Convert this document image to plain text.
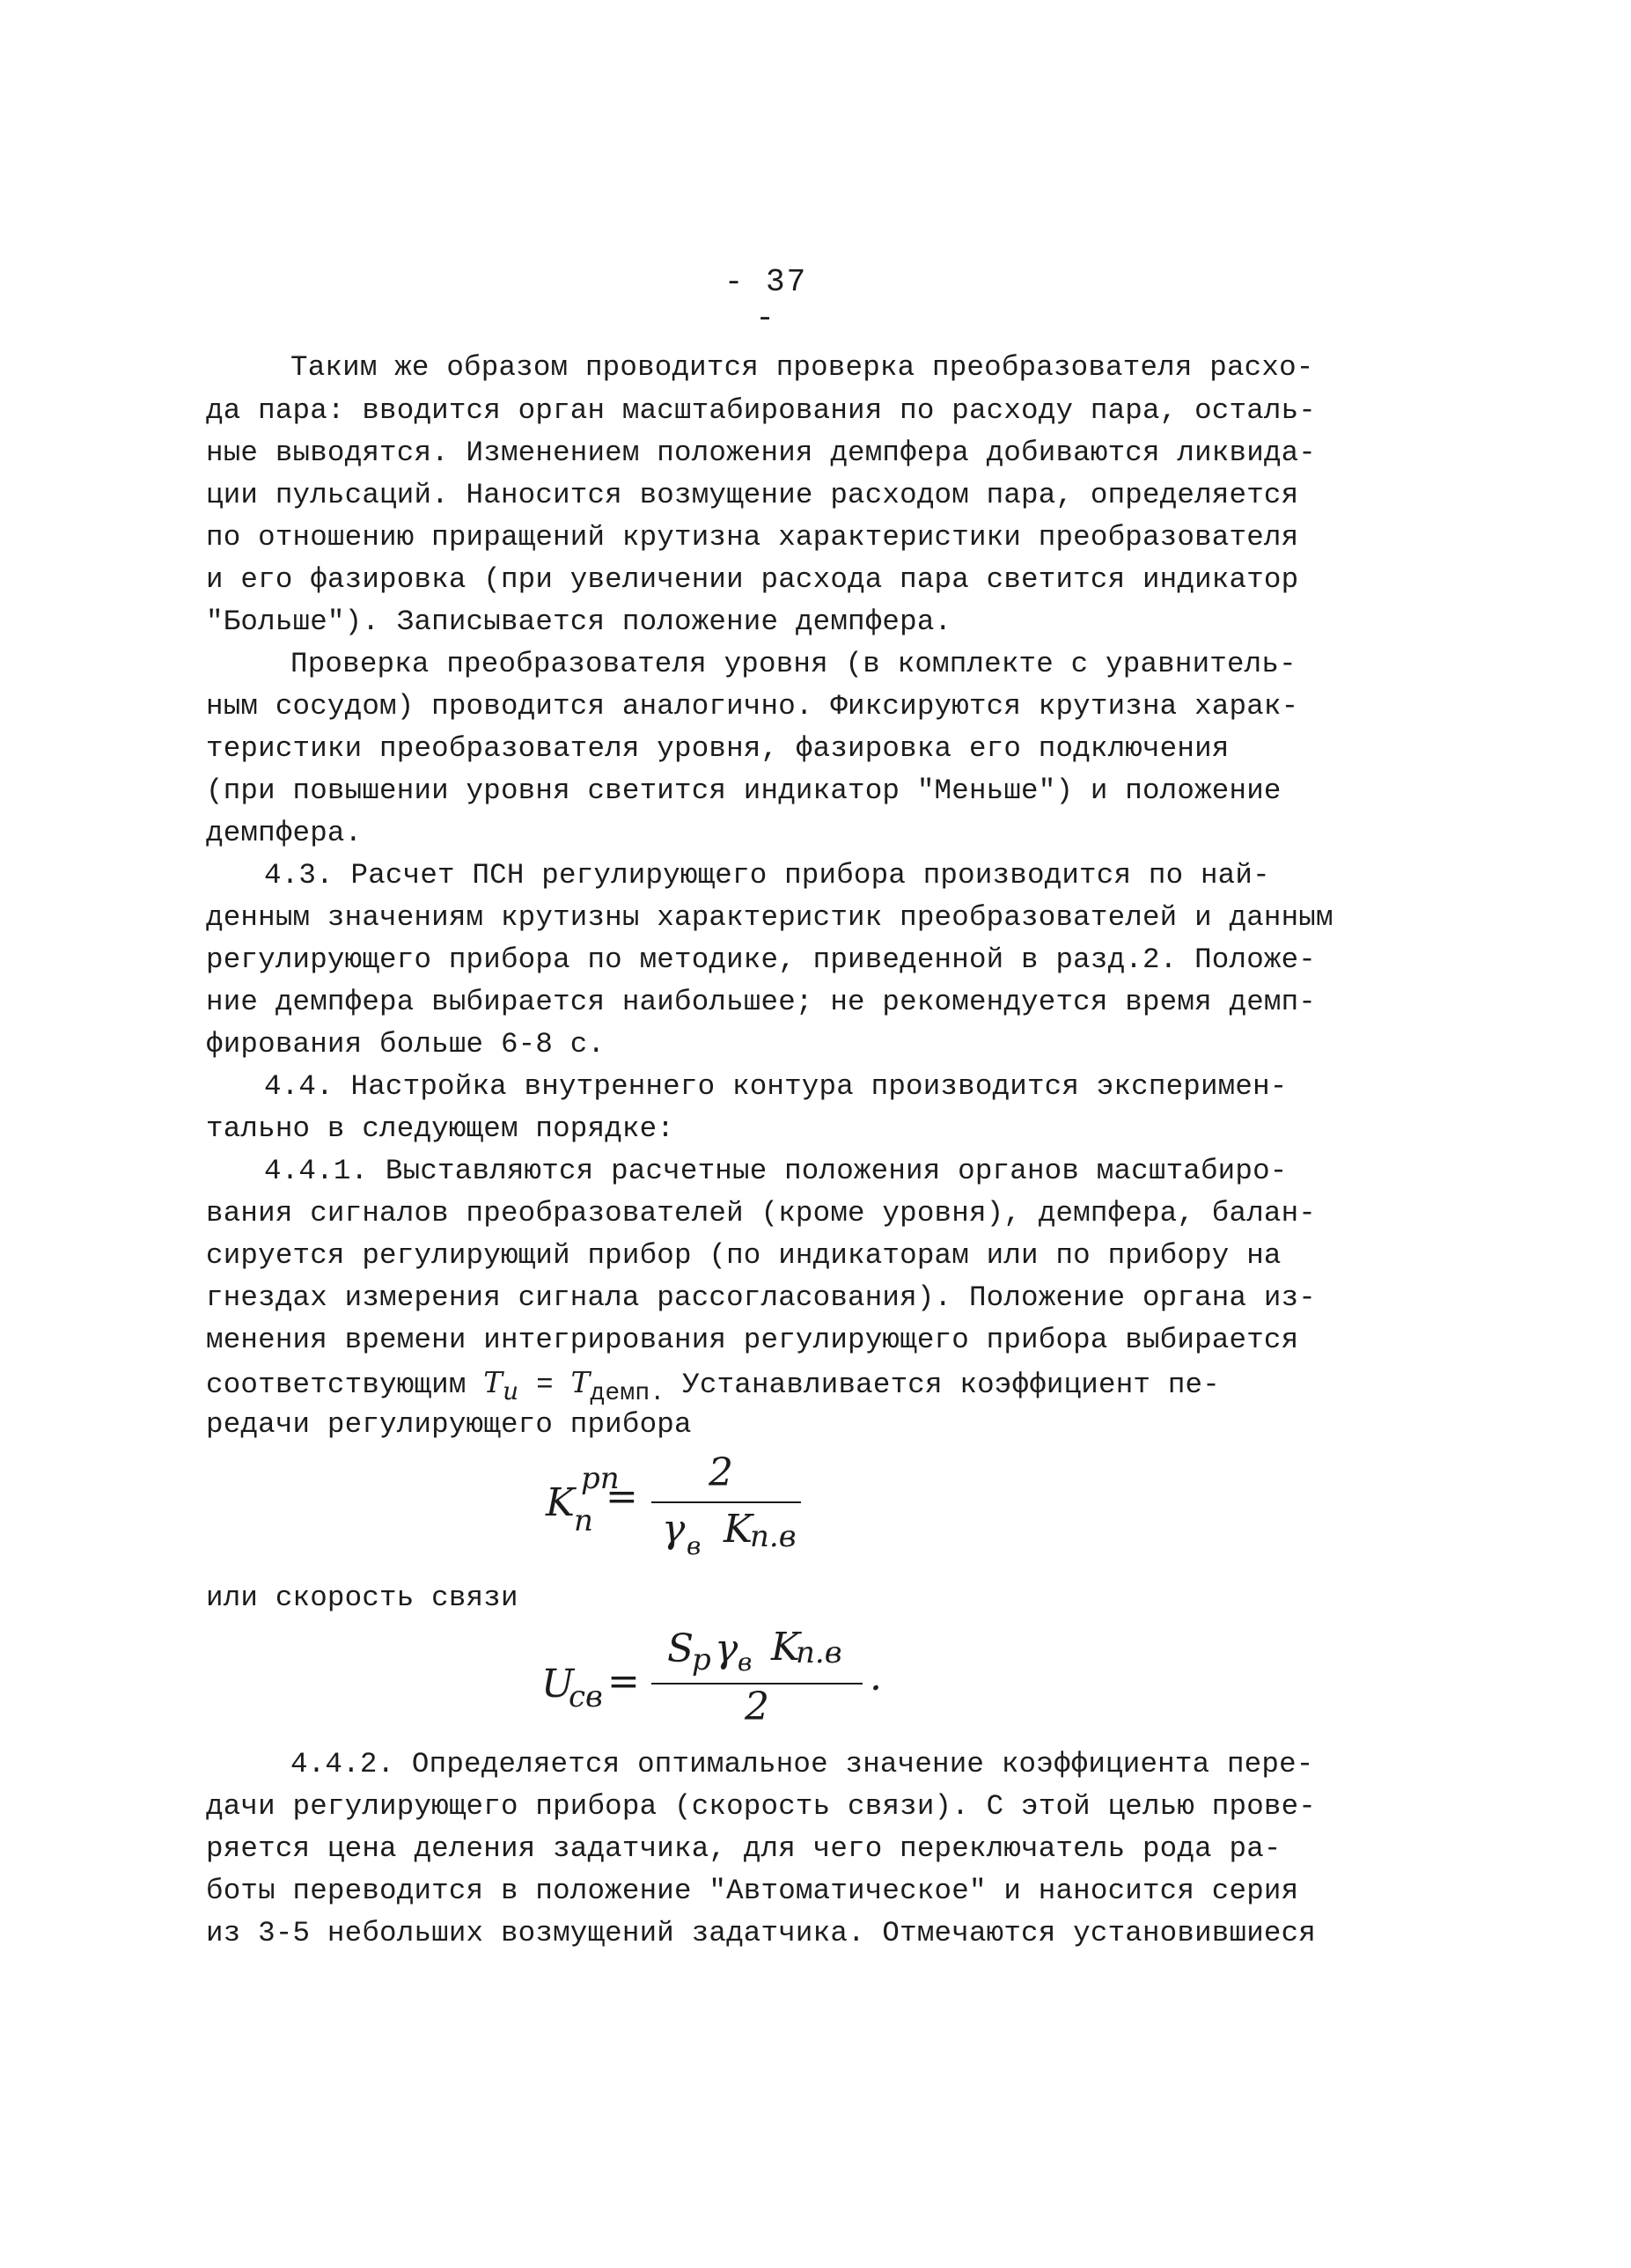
- 37 -
Таким же образом проводится проверка преобразователя расхо-
да пара: вводится орган масштабирования по расходу пара, осталь-
ные выводятся. Изменением положения демпфера добиваются ликвида-
ции пульсаций. Наносится возмущение расходом пара, определяется
по отношению приращений крутизна характеристики преобразователя
и его фазировка (при увеличении расхода пара светится индикатор
"Больше"). Записывается положение демпфера.
Проверка преобразователя уровня (в комплекте с уравнитель-
ным сосудом) проводится аналогично. Фиксируются крутизна харак-
теристики преобразователя уровня, фазировка его подключения
(при повышении уровня светится индикатор "Меньше") и положение
демпфера.
4.3. Расчет ПСН регулирующего прибора производится по най-
денным значениям крутизны характеристик преобразователей и данным
регулирующего прибора по методике, приведенной в разд.2. Положе-
ние демпфера выбирается наибольшее; не рекомендуется время демп-
фирования больше 6-8 с.
4.4. Настройка внутреннего контура производится эксперимен-
тально в следующем порядке:
4.4.1. Выставляются расчетные положения органов масштабиро-
вания сигналов преобразователей (кроме уровня), демпфера, балан-
сируется регулирующий прибор (по индикаторам или по прибору на
гнездах измерения сигнала рассогласования). Положение органа из-
менения времени интегрирования регулирующего прибора выбирается
соответствующим Tи = Tдемп. Устанавливается коэффициент пе-
редачи регулирующего прибора
K
рп
п
=
2
γ в K
п.в
или скорость связи
U
св =
S
р γ в K
п.в
2
.
4.4.2. Определяется оптимальное значение коэффициента пере-
дачи регулирующего прибора (скорость связи). С этой целью прове-
ряется цена деления задатчика, для чего переключатель рода ра-
боты переводится в положение "Автоматическое" и наносится серия
из 3-5 небольших возмущений задатчика. Отмечаются установившиеся
